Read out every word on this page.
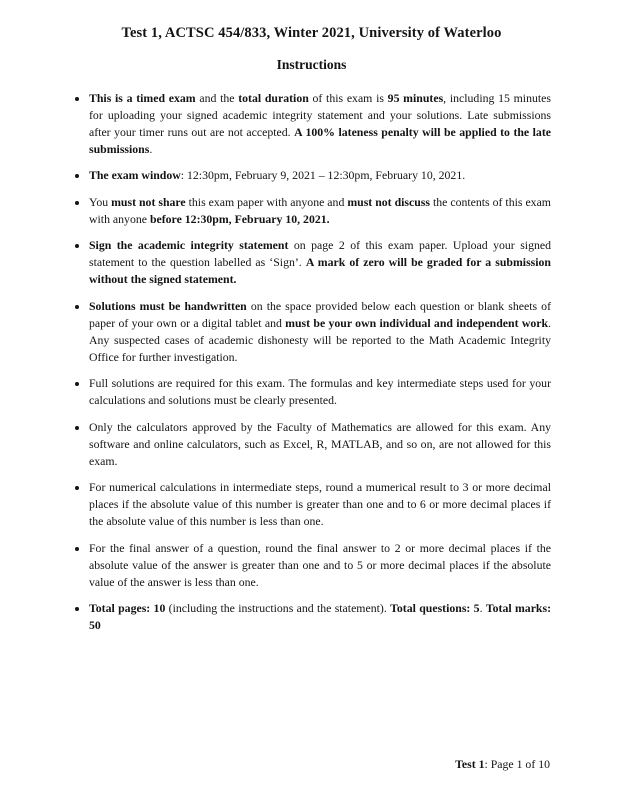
Test 1, ACTSC 454/833, Winter 2021, University of Waterloo
Instructions
• This is a timed exam and the total duration of this exam is 95 minutes, including 15 minutes for uploading your signed academic integrity statement and your solutions. Late submissions after your timer runs out are not accepted. A 100% lateness penalty will be applied to the late submissions.
• The exam window: 12:30pm, February 9, 2021 – 12:30pm, February 10, 2021.
• You must not share this exam paper with anyone and must not discuss the contents of this exam with anyone before 12:30pm, February 10, 2021.
• Sign the academic integrity statement on page 2 of this exam paper. Upload your signed statement to the question labelled as ‘Sign’. A mark of zero will be graded for a submission without the signed statement.
• Solutions must be handwritten on the space provided below each question or blank sheets of paper of your own or a digital tablet and must be your own individual and independent work. Any suspected cases of academic dishonesty will be reported to the Math Academic Integrity Office for further investigation.
• Full solutions are required for this exam. The formulas and key intermediate steps used for your calculations and solutions must be clearly presented.
• Only the calculators approved by the Faculty of Mathematics are allowed for this exam. Any software and online calculators, such as Excel, R, MATLAB, and so on, are not allowed for this exam.
• For numerical calculations in intermediate steps, round a mumerical result to 3 or more decimal places if the absolute value of this number is greater than one and to 6 or more decimal places if the absolute value of this number is less than one.
• For the final answer of a question, round the final answer to 2 or more decimal places if the absolute value of the answer is greater than one and to 5 or more decimal places if the absolute value of the answer is less than one.
• Total pages: 10 (including the instructions and the statement). Total questions: 5. Total marks: 50
Test 1: Page 1 of 10
